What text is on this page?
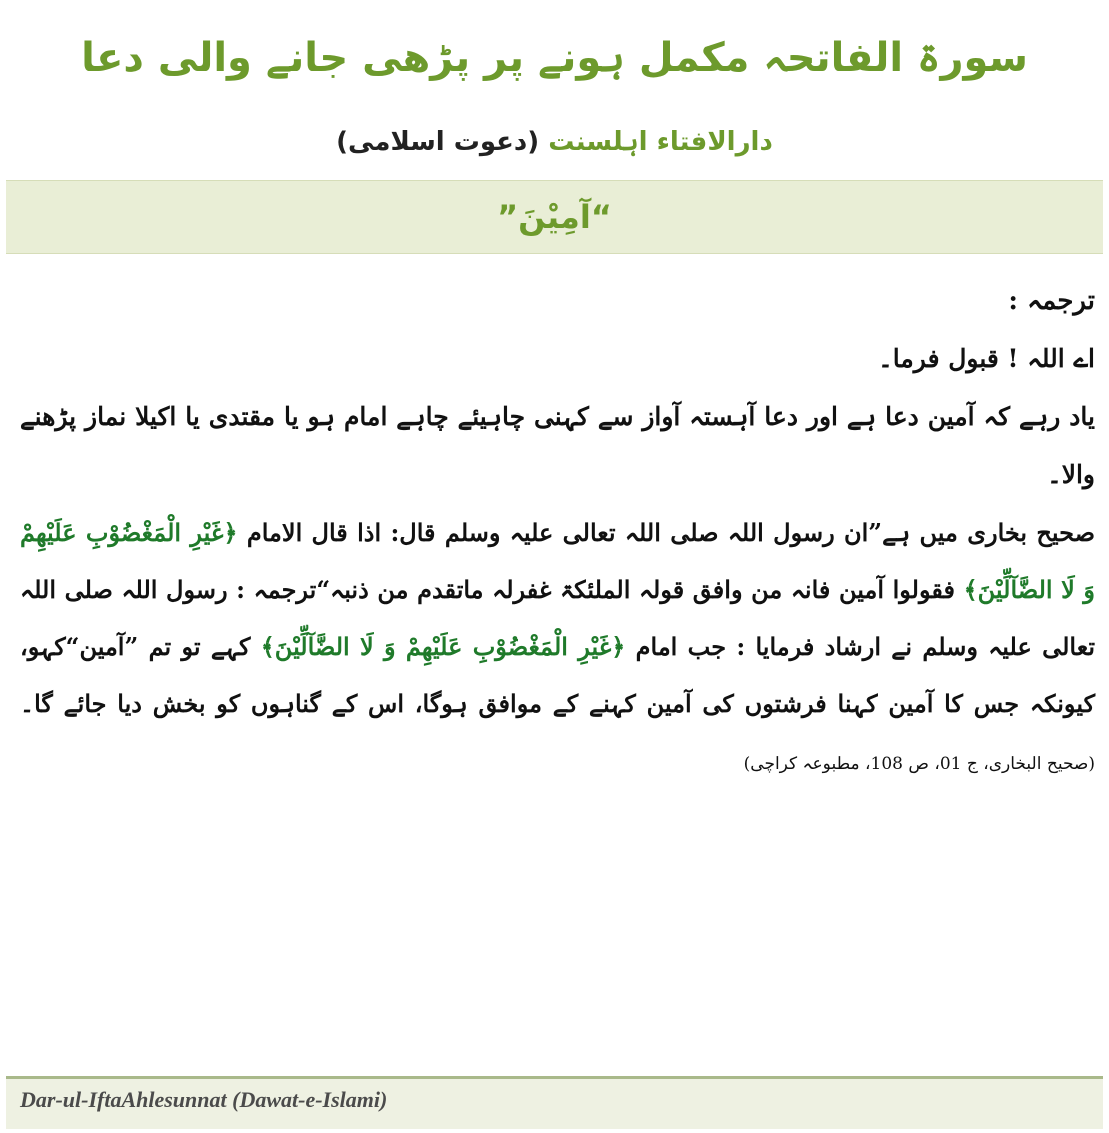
سورۃ الفاتحہ مکمل ہونے پر پڑھی جانے والی دعا
دارالافتاء اہلسنت (دعوت اسلامی)
”آمِیْنَ“
ترجمہ :
اے اللہ ! قبول فرما۔
یاد رہے کہ آمین دعا ہے اور دعا آہستہ آواز سے کہنی چاہیئے چاہے امام ہو یا مقتدی یا اکیلا نماز پڑھنے والا۔
صحیح بخاری میں ہے”ان رسول اللہ صلی اللہ تعالی علیہ وسلم قال: اذا قال الامام ﴿غَیْرِ الْمَغْضُوْبِ عَلَیْهِمْ وَ لَا الضَّآلِّیْنَ﴾ فقولوا آمین فانہ من وافق قولہ الملئکۃ غفرلہ ماتقدم من ذنبہ“ترجمہ : رسول اللہ صلی اللہ تعالی علیہ وسلم نے ارشاد فرمایا : جب امام ﴿غَیْرِ الْمَغْضُوْبِ عَلَیْهِمْ وَ لَا الضَّآلِّیْنَ﴾ کہے تو تم ”آمین“کہو، کیونکہ جس کا آمین کہنا فرشتوں کی آمین کہنے کے موافق ہوگا، اس کے گناہوں کو بخش دیا جائے گا۔ (صحیح البخاری، ج 01، ص 108، مطبوعہ کراچی)
Dar-ul-IftaAhlesunnat (Dawat-e-Islami)
